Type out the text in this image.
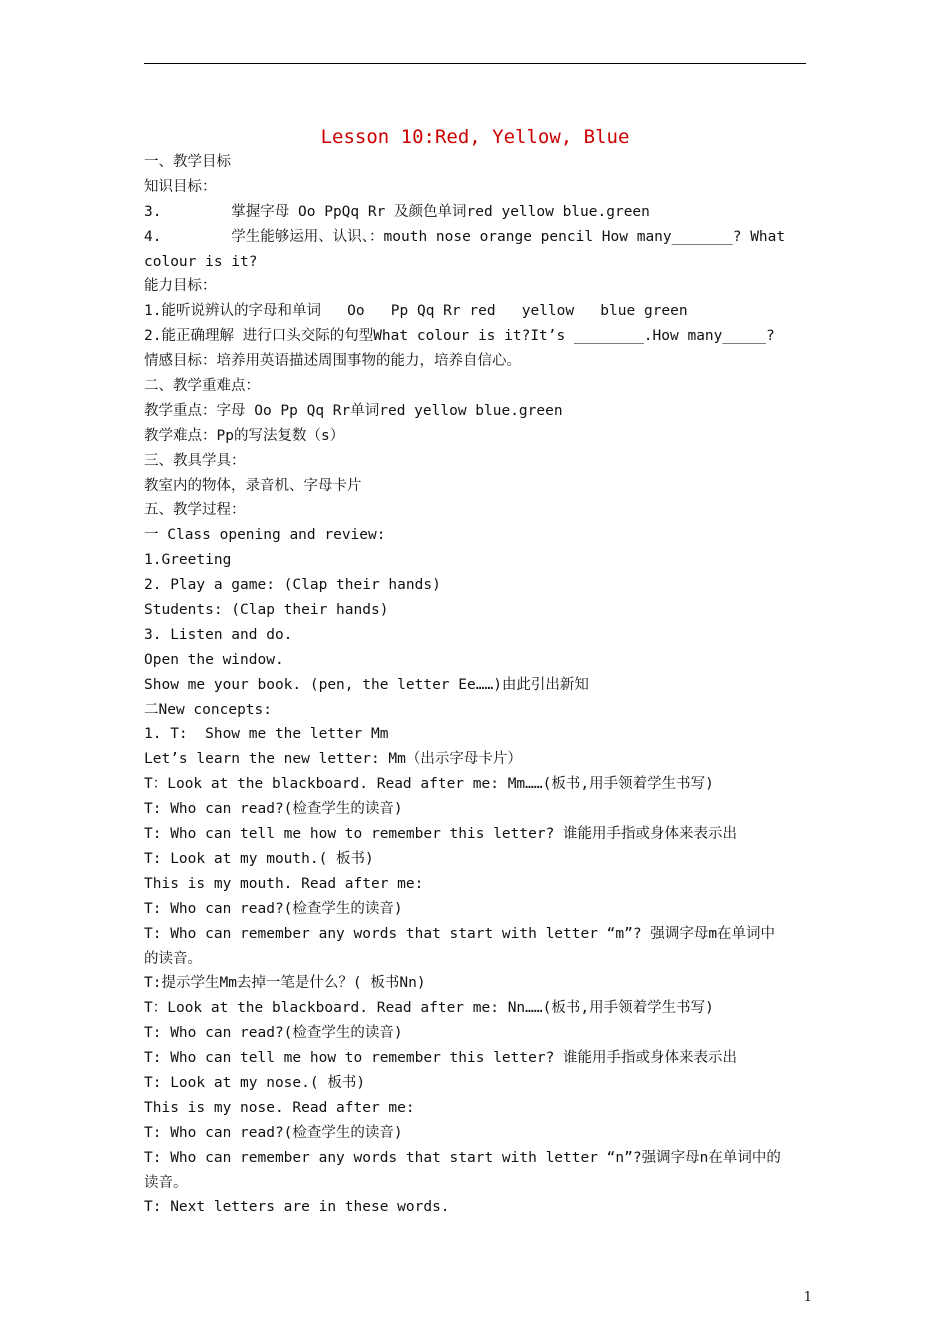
Lesson 10:Red, Yellow, Blue
一、教学目标
知识目标：
3.        掌握字母 Oo PpQq Rr 及颜色单词red yellow blue.green
4.        学生能够运用、认识、：mouth nose orange pencil How many_______? What
colour is it?
能力目标：
1.能听说辨认的字母和单词   Oo   Pp Qq Rr red   yellow   blue green
2.能正确理解 进行口头交际的句型What colour is it?It’s ________.How many_____?
情感目标：培养用英语描述周围事物的能力，培养自信心。
二、教学重难点：
教学重点：字母 Oo Pp Qq Rr单词red yellow blue.green
教学难点：Pp的写法复数（s）
三、教具学具：
教室内的物体，录音机、字母卡片
五、教学过程：
一 Class opening and review:
1.Greeting
2. Play a game: (Clap their hands)
Students: (Clap their hands)
3. Listen and do.
Open the window.
Show me your book. (pen, the letter Ee……)由此引出新知
二New concepts:
1. T:  Show me the letter Mm
Let’s learn the new letter: Mm（出示字母卡片）
T：Look at the blackboard. Read after me: Mm……(板书,用手领着学生书写)
T: Who can read?(检查学生的读音)
T: Who can tell me how to remember this letter? 谁能用手指或身体来表示出
T: Look at my mouth.( 板书)
This is my mouth. Read after me:
T: Who can read?(检查学生的读音)
T: Who can remember any words that start with letter “m”? 强调字母m在单词中
的读音。
T:提示学生Mm去掉一笔是什么？( 板书Nn)
T：Look at the blackboard. Read after me: Nn……(板书,用手领着学生书写)
T: Who can read?(检查学生的读音)
T: Who can tell me how to remember this letter? 谁能用手指或身体来表示出
T: Look at my nose.( 板书)
This is my nose. Read after me:
T: Who can read?(检查学生的读音)
T: Who can remember any words that start with letter “n”?强调字母n在单词中的
读音。
T: Next letters are in these words.
1
